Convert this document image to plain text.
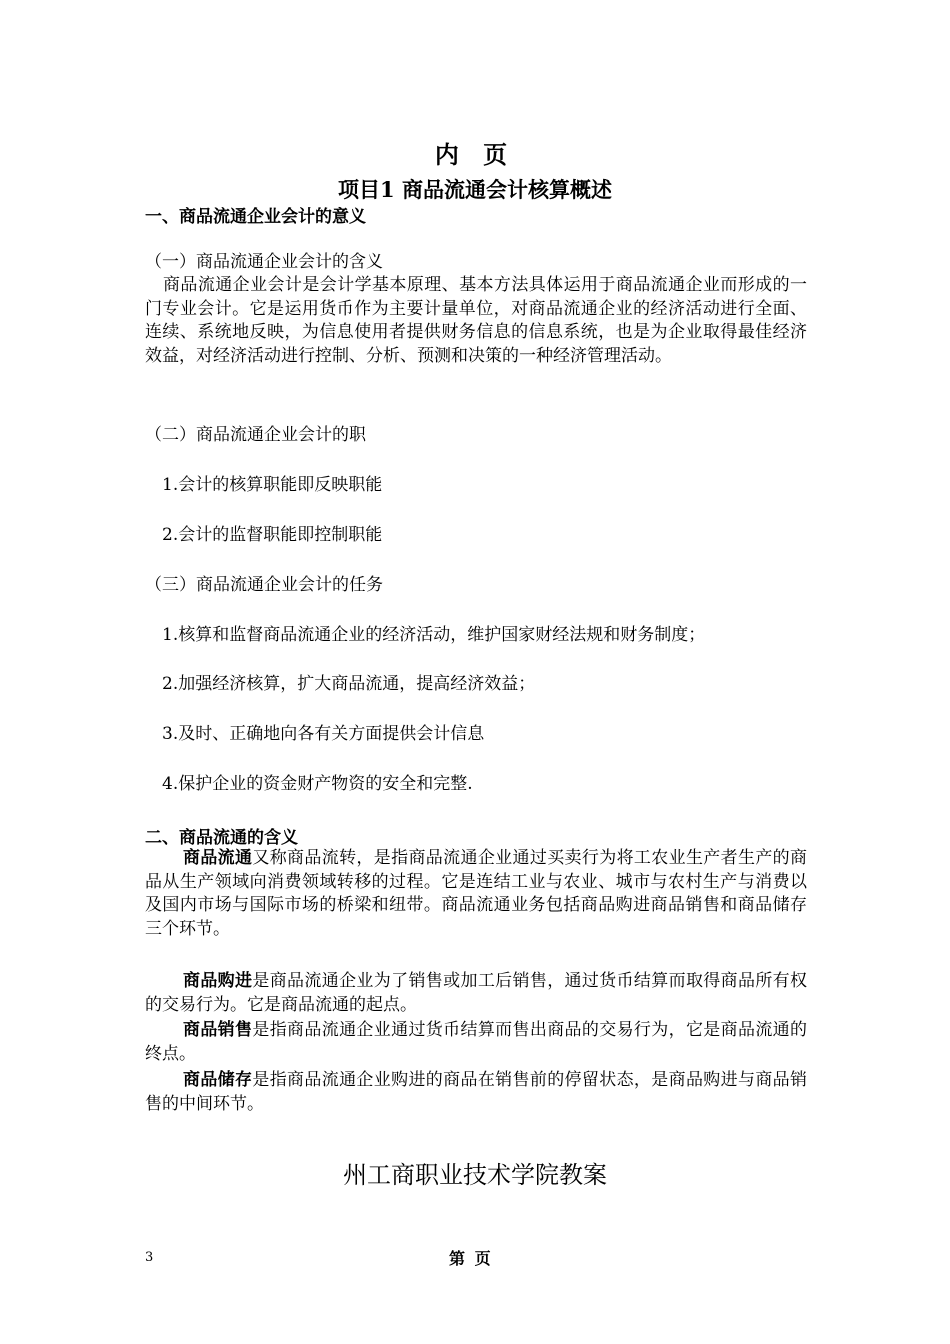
内 页
项目1 商品流通会计核算概述
一、商品流通企业会计的意义
（一）商品流通企业会计的含义

商品流通企业会计是会计学基本原理、基本方法具体运用于商品流通企业而形成的一门专业会计。它是运用货币作为主要计量单位，对商品流通企业的经济活动进行全面、连续、系统地反映，为信息使用者提供财务信息的信息系统，也是为企业取得最佳经济效益，对经济活动进行控制、分析、预测和决策的一种经济管理活动。

（二）商品流通企业会计的职
1.会计的核算职能即反映职能
2.会计的监督职能即控制职能
（三）商品流通企业会计的任务
1.核算和监督商品流通企业的经济活动，维护国家财经法规和财务制度；
2.加强经济核算，扩大商品流通，提高经济效益；
3.及时、正确地向各有关方面提供会计信息
4.保护企业的资金财产物资的安全和完整.
二、商品流通的含义

商品流通又称商品流转，是指商品流通企业通过买卖行为将工农业生产者生产的商品从生产领域向消费领域转移的过程。它是连结工业与农业、城市与农村生产与消费以及国内市场与国际市场的桥梁和纽带。商品流通业务包括商品购进商品销售和商品储存三个环节。

商品购进是商品流通企业为了销售或加工后销售，通过货币结算而取得商品所有权的交易行为。它是商品流通的起点。

商品销售是指商品流通企业通过货币结算而售出商品的交易行为，它是商品流通的终点。

商品储存是指商品流通企业购进的商品在销售前的停留状态，是商品购进与商品销售的中间环节。

州工商职业技术学院教案
3	第 页
